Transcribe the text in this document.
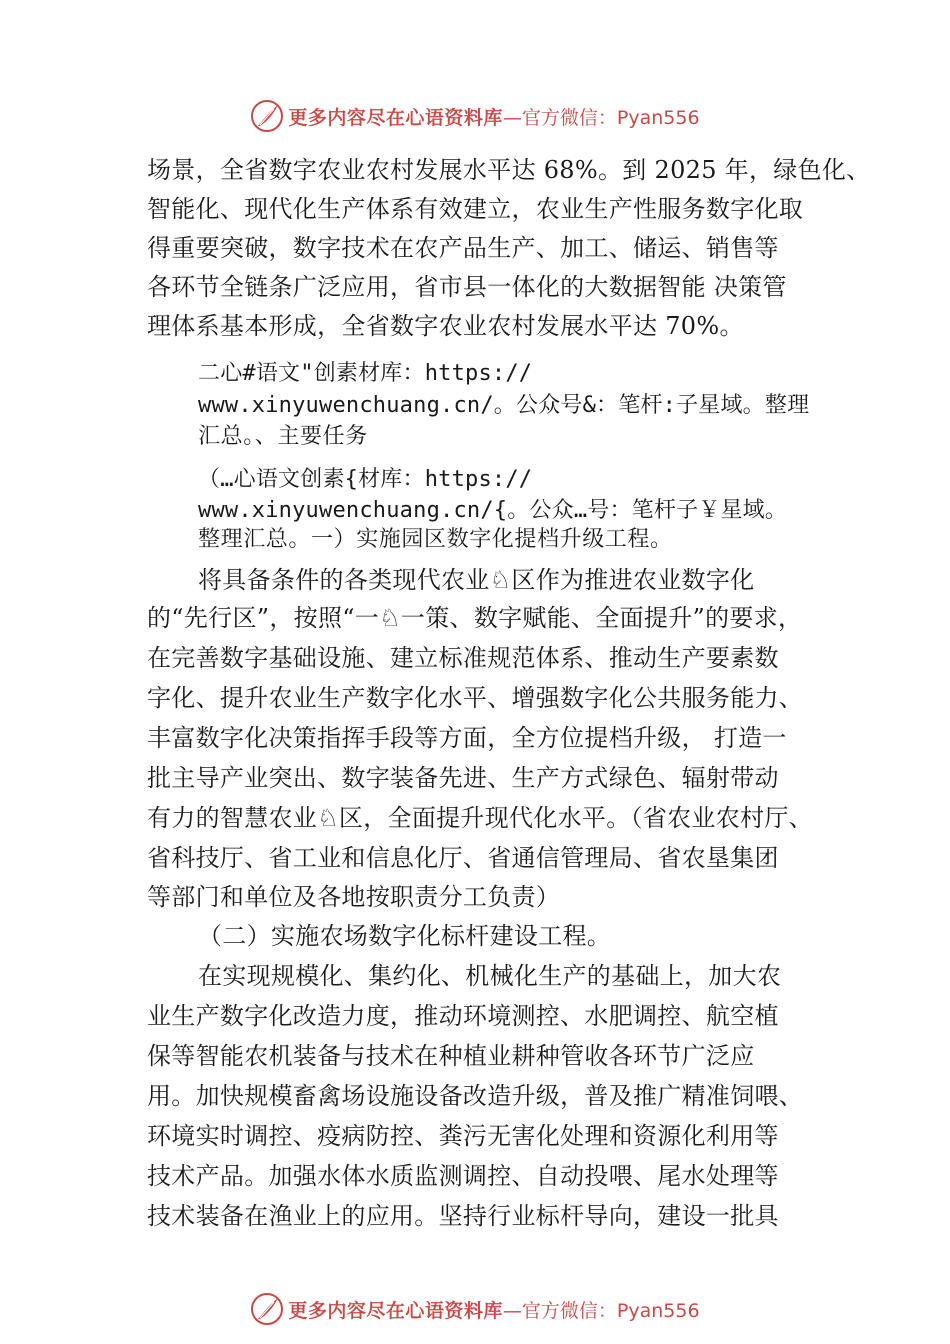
更多内容尽在心语资料库 —官方微信：Pyan556
场景，全省数字农业农村发展水平达 68%。到 2025 年，绿色化、
智能化、现代化生产体系有效建立，农业生产性服务数字化取
得重要突破，数字技术在农产品生产、加工、储运、销售等
各环节全链条广泛应用，省市县一体化的大数据智能 决策管
理体系基本形成，全省数字农业农村发展水平达 70%。
二心#语文"创素材库：https://
www.xinyuwenchuang.cn/。公众号&：笔杆:子星域。整理
汇总。、主要任务
（…心语文创素{材库：https://
www.xinyuwenchuang.cn/{。公众…号：笔杆子￥星域。
整理汇总。一）实施园区数字化提档升级工程。
将具备条件的各类现代农业♘区作为推进农业数字化
的“先行区”，按照“一♘一策、数字赋能、全面提升”的要求，
在完善数字基础设施、建立标准规范体系、推动生产要素数
字化、提升农业生产数字化水平、增强数字化公共服务能力、
丰富数字化决策指挥手段等方面，全方位提档升级， 打造一
批主导产业突出、数字装备先进、生产方式绿色、辐射带动
有力的智慧农业♘区，全面提升现代化水平。（省农业农村厅、
省科技厅、省工业和信息化厅、省通信管理局、省农垦集团
等部门和单位及各地按职责分工负责）
（二）实施农场数字化标杆建设工程。
在实现规模化、集约化、机械化生产的基础上，加大农
业生产数字化改造力度，推动环境测控、水肥调控、航空植
保等智能农机装备与技术在种植业耕种管收各环节广泛应
用。加快规模畜禽场设施设备改造升级，普及推广精准饲喂、
环境实时调控、疫病防控、粪污无害化处理和资源化利用等
技术产品。加强水体水质监测调控、自动投喂、尾水处理等
技术装备在渔业上的应用。坚持行业标杆导向，建设一批具
更多内容尽在心语资料库 —官方微信：Pyan556
